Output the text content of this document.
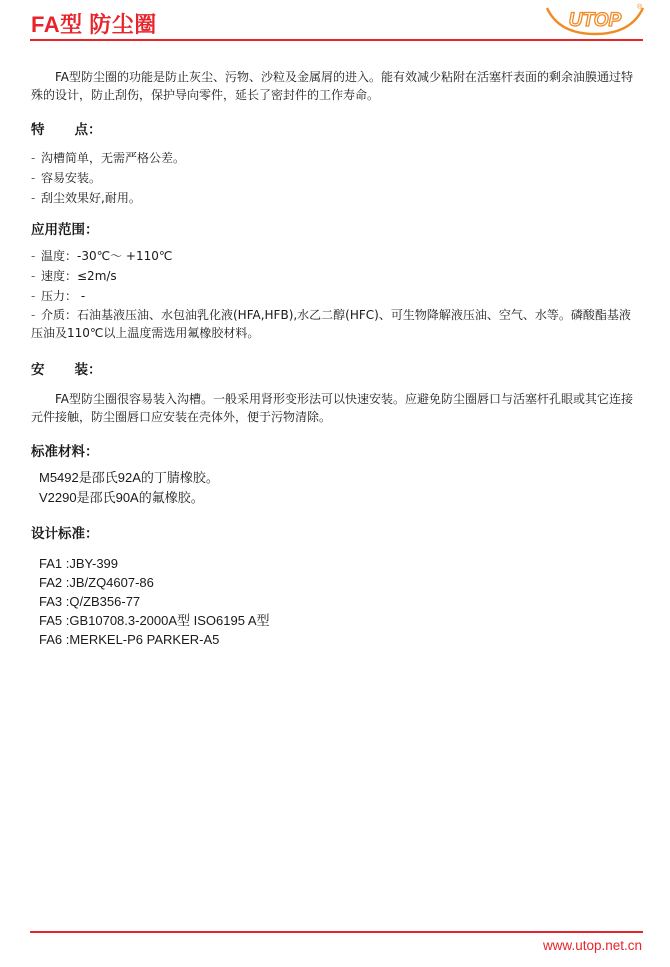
FA型 防尘圈	UTOP
®

FA型防尘圈的功能是防止灰尘、污物、沙粒及金属屑的进入。能有效减少粘附在活塞杆表面的剩余油膜通过特殊的设计，防止刮伤，保护导向零件，延长了密封件的工作寿命。

特 点：

- 沟槽简单，无需严格公差。
- 容易安装。
- 刮尘效果好,耐用。

应用范围：

- 温度：-30℃～ +110℃
- 速度：≤2m/s
- 压力： -
- 介质：石油基液压油、水包油乳化液(HFA,HFB),水乙二醇(HFC)、可生物降解液压油、空气、水等。磷酸酯基液压油及110℃以上温度需选用氟橡胶材料。

安 装：

FA型防尘圈很容易装入沟槽。一般采用肾形变形法可以快速安装。应避免防尘圈唇口与活塞杆孔眼或其它连接元件接触，防尘圈唇口应安装在壳体外，便于污物清除。

标准材料：

M5492是邵氏92A的丁腈橡胶。

V2290是邵氏90A的氟橡胶。

设计标准：

FA1 :JBY-399

FA2 :JB/ZQ4607-86

FA3 :Q/ZB356-77

FA5 :GB10708.3-2000A型 ISO6195 A型

FA6 :MERKEL-P6 PARKER-A5

www.utop.net.cn
